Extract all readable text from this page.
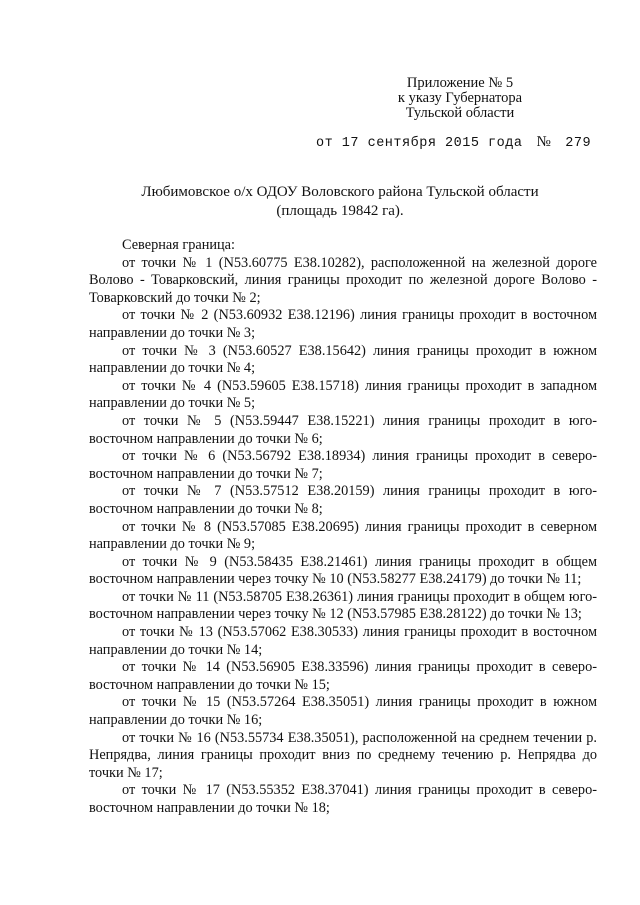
Приложение № 5
к указу Губернатора
Тульской области
от 17 сентября 2015 года № 279
Любимовское о/х ОДОУ Воловского района Тульской области
(площадь 19842 га).

Северная граница:

от точки № 1 (N53.60775 E38.10282), расположенной на железной дороге Волово - Товарковский, линия границы проходит по железной дороге Волово - Товарковский до точки № 2;

от точки № 2 (N53.60932 E38.12196) линия границы проходит в восточном направлении до точки № 3;

от точки № 3 (N53.60527 E38.15642) линия границы проходит в южном направлении до точки № 4;

от точки № 4 (N53.59605 E38.15718) линия границы проходит в западном направлении до точки № 5;

от точки № 5 (N53.59447 E38.15221) линия границы проходит в юго-восточном направлении до точки № 6;

от точки № 6 (N53.56792 E38.18934) линия границы проходит в северо-восточном направлении до точки № 7;

от точки № 7 (N53.57512 E38.20159) линия границы проходит в юго-восточном направлении до точки № 8;

от точки № 8 (N53.57085 E38.20695) линия границы проходит в северном направлении до точки № 9;

от точки № 9 (N53.58435 E38.21461) линия границы проходит в общем восточном направлении через точку № 10 (N53.58277 E38.24179) до точки № 11;

от точки № 11 (N53.58705 E38.26361) линия границы проходит в общем юго-восточном направлении через точку № 12 (N53.57985 E38.28122) до точки № 13;

от точки № 13 (N53.57062 E38.30533) линия границы проходит в восточном направлении до точки № 14;

от точки № 14 (N53.56905 E38.33596) линия границы проходит в северо-восточном направлении до точки № 15;

от точки № 15 (N53.57264 E38.35051) линия границы проходит в южном направлении до точки № 16;

от точки № 16 (N53.55734 E38.35051), расположенной на среднем течении р. Непрядва, линия границы проходит вниз по среднему течению р. Непрядва до точки № 17;

от точки № 17 (N53.55352 E38.37041) линия границы проходит в северо-восточном направлении до точки № 18;
